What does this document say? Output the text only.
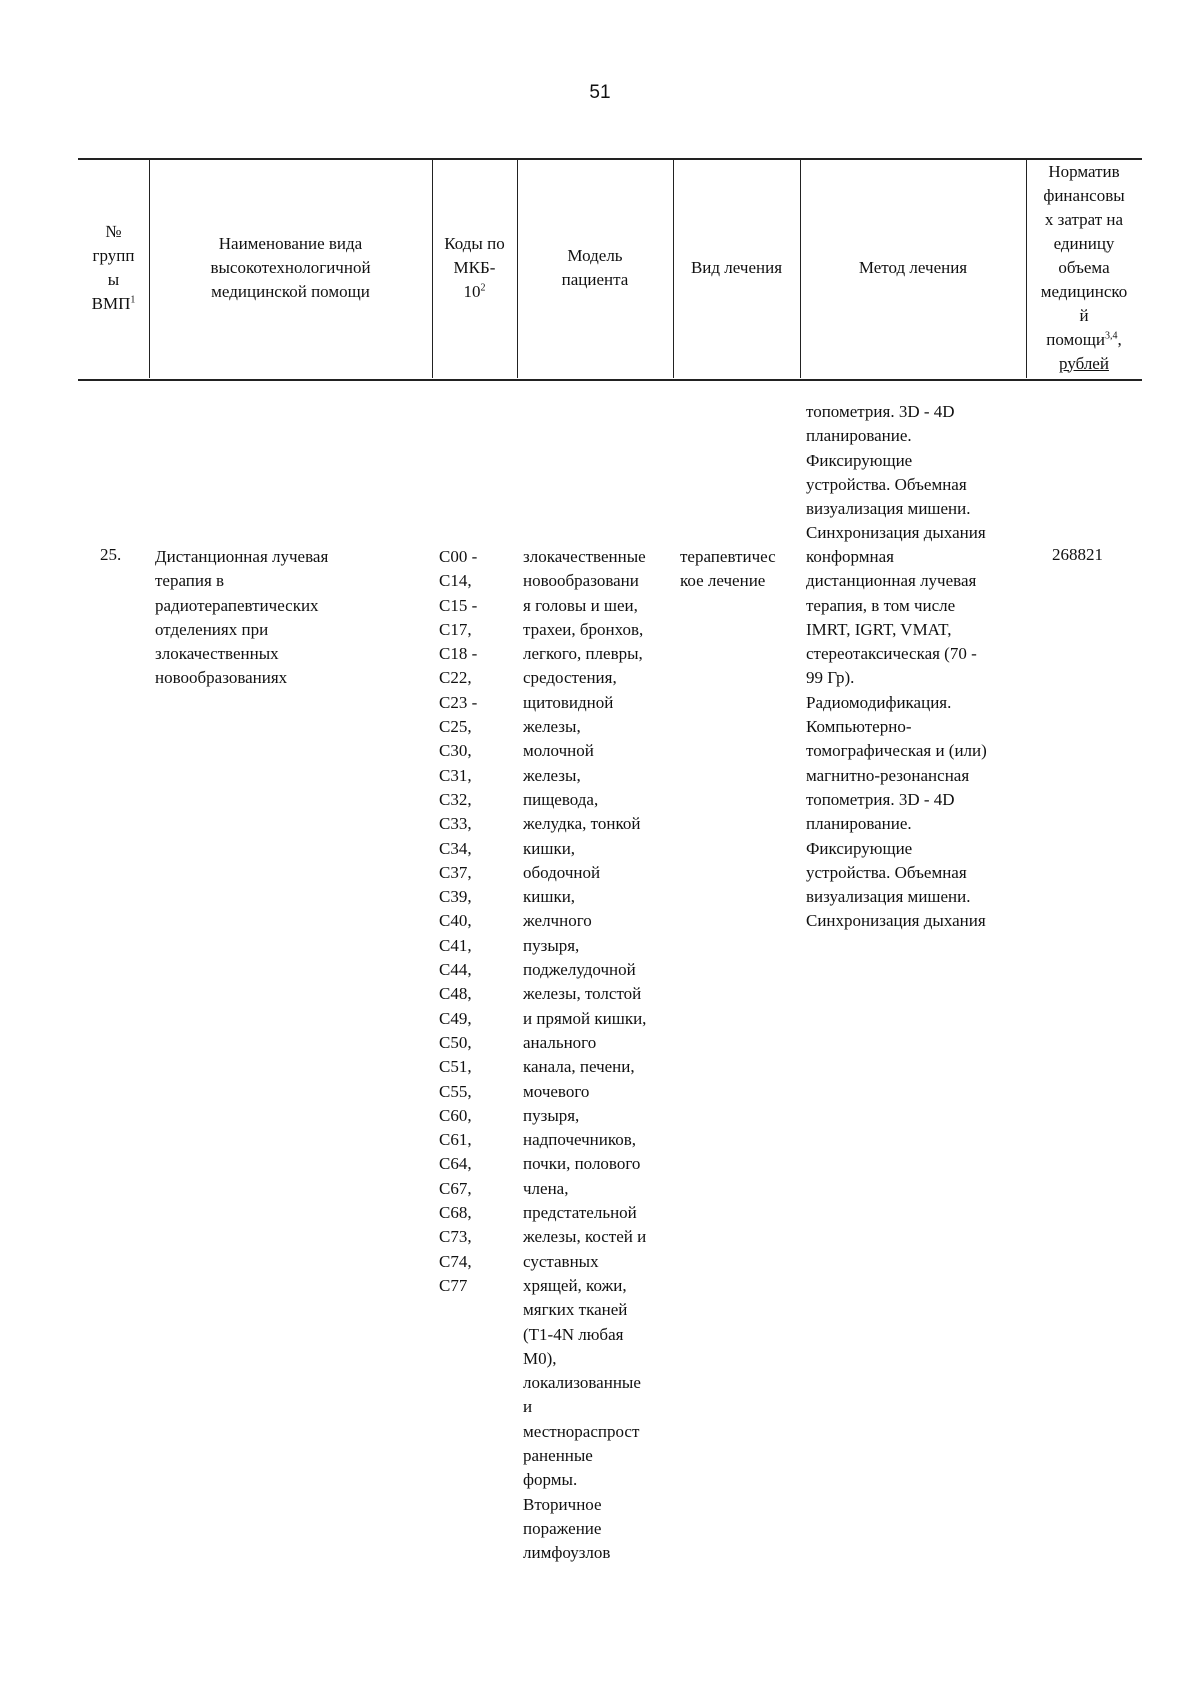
51
№
групп
ы
ВМП$^1$
Наименование вида
высокотехнологичной
медицинской помощи
Коды по
МКБ-
$10^2$
Модель
пациента
Вид лечения	Метод лечения
Норматив
финансовы
х затрат на
единицу
объема
медицинско
й
помощи$^{3,4}$,
рублей
топометрия. 3D - 4D
планирование.
Фиксирующие
устройства. Объемная
визуализация мишени.
Синхронизация дыхания
25. Дистанционная лучевая
терапия в
радиотерапевтических
отделениях при
злокачественных
новообразованиях
C00 -
C14,
C15 -
C17,
C18 -
C22,
C23 -
C25,
C30,
C31,
C32,
C33,
C34,
C37,
C39,
C40,
C41,
C44,
C48,
C49,
C50,
C51,
C55,
C60,
C61,
C64,
C67,
C68,
C73,
C74,
C77
злокачественные
новообразовани
я головы и шеи,
трахеи, бронхов,
легкого, плевры,
средостения,
щитовидной
железы,
молочной
железы,
пищевода,
желудка, тонкой
кишки,
ободочной
кишки,
желчного
пузыря,
поджелудочной
железы, толстой
и прямой кишки,
анального
канала, печени,
мочевого
пузыря,
надпочечников,
почки, полового
члена,
предстательной
железы, костей и
суставных
хрящей, кожи,
мягких тканей
(T1-4N любая
M0),
локализованные
и
местнораспрост
раненные
формы.
Вторичное
поражение
лимфоузлов
терапевтичес
кое лечение
конформная
дистанционная лучевая
терапия, в том числе
IMRT, IGRT, VMAT,
стереотаксическая (70 -
99 Гр).
Радиомодификация.
Компьютерно-
томографическая и (или)
магнитно-резонансная
топометрия. 3D - 4D
планирование.
Фиксирующие
устройства. Объемная
визуализация мишени.
Синхронизация дыхания
268821
